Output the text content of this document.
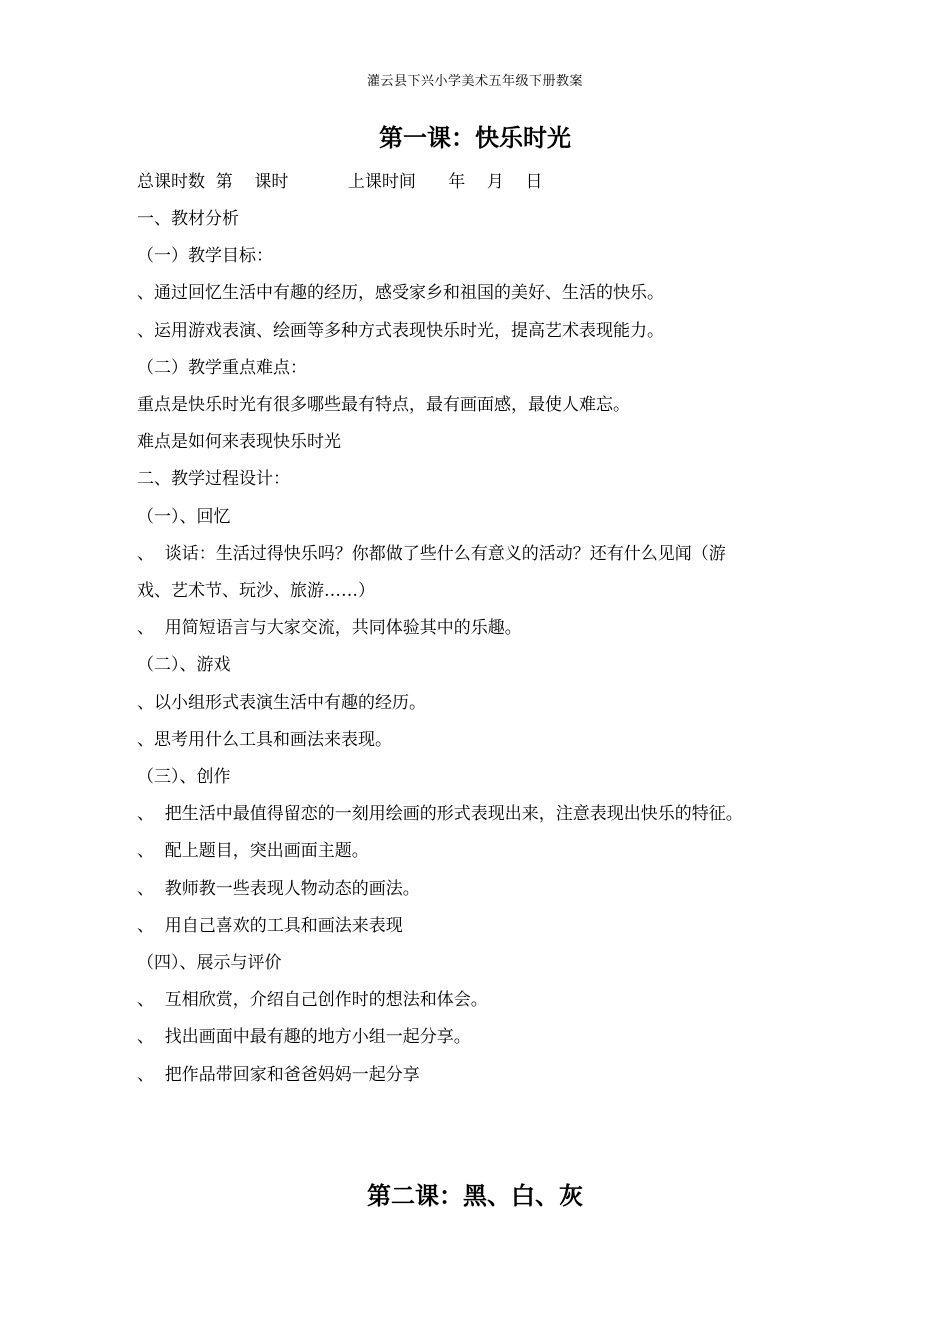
灌云县下兴小学美术五年级下册教案
第一课：快乐时光
总课时数  第    课时           上课时间      年    月    日
一、教材分析
（一）教学目标：
、通过回忆生活中有趣的经历，感受家乡和祖国的美好、生活的快乐。
、运用游戏表演、绘画等多种方式表现快乐时光，提高艺术表现能力。
（二）教学重点难点：
重点是快乐时光有很多哪些最有特点，最有画面感，最使人难忘。
难点是如何来表现快乐时光
二、教学过程设计：
（一）、回忆
、  谈话：生活过得快乐吗？你都做了些什么有意义的活动？还有什么见闻（游
戏、艺术节、玩沙、旅游……）
、  用简短语言与大家交流，共同体验其中的乐趣。
（二）、游戏
、以小组形式表演生活中有趣的经历。
、思考用什么工具和画法来表现。
（三）、创作
、  把生活中最值得留恋的一刻用绘画的形式表现出来，注意表现出快乐的特征。
、  配上题目，突出画面主题。
、  教师教一些表现人物动态的画法。
、  用自己喜欢的工具和画法来表现
（四）、展示与评价
、  互相欣赏，介绍自己创作时的想法和体会。
、  找出画面中最有趣的地方小组一起分享。
、  把作品带回家和爸爸妈妈一起分享
第二课：黑、白、灰
